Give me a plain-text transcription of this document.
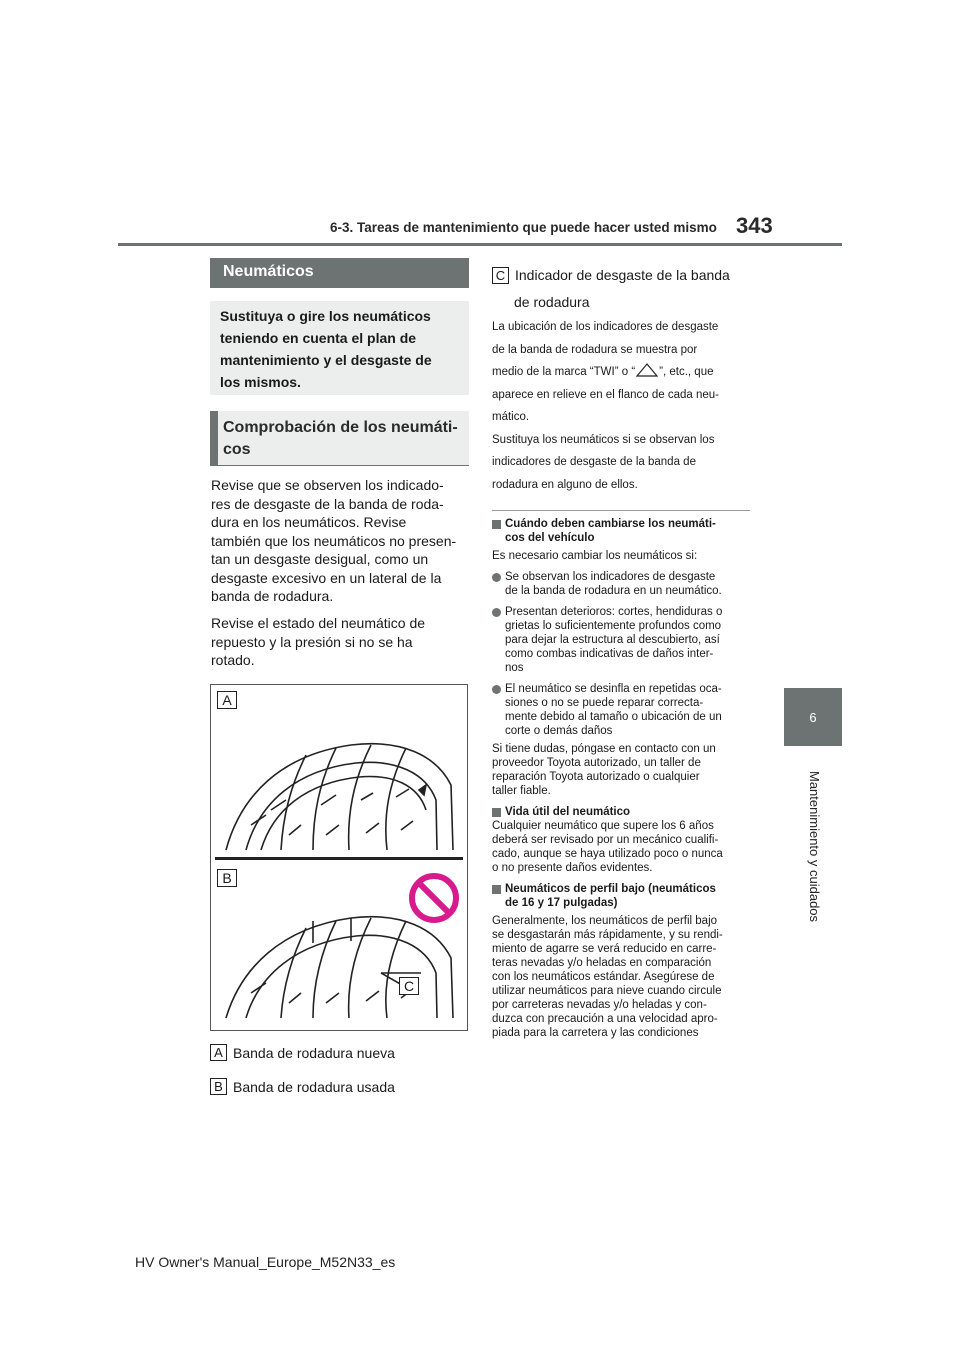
6-3. Tareas de mantenimiento que puede hacer usted mismo 343
6
Mantenimiento y cuidados
Neumáticos
Sustituya o gire los neumáticos
teniendo en cuenta el plan de
mantenimiento y el desgaste de
los mismos.
Comprobación de los neumáti-
cos
Revise que se observen los indicado-
res de desgaste de la banda de roda-
dura en los neumáticos. Revise
también que los neumáticos no presen-
tan un desgaste desigual, como un
desgaste excesivo en un lateral de la
banda de rodadura.
Revise el estado del neumático de
repuesto y la presión si no se ha
rotado.
A
B
C
A Banda de rodadura nueva
B Banda de rodadura usada
C Indicador de desgaste de la banda
de rodadura
La ubicación de los indicadores de desgaste
de la banda de rodadura se muestra por
medio de la marca “TWI” o “ ”, etc., que
aparece en relieve en el flanco de cada neu-
mático.
Sustituya los neumáticos si se observan los
indicadores de desgaste de la banda de
rodadura en alguno de ellos.
Cuándo deben cambiarse los neumáti-
cos del vehículo
Es necesario cambiar los neumáticos si:
Se observan los indicadores de desgaste
de la banda de rodadura en un neumático.
Presentan deterioros: cortes, hendiduras o
grietas lo suficientemente profundos como
para dejar la estructura al descubierto, así
como combas indicativas de daños inter-
nos
El neumático se desinfla en repetidas oca-
siones o no se puede reparar correcta-
mente debido al tamaño o ubicación de un
corte o demás daños
Si tiene dudas, póngase en contacto con un
proveedor Toyota autorizado, un taller de
reparación Toyota autorizado o cualquier
taller fiable.
Vida útil del neumático
Cualquier neumático que supere los 6 años
deberá ser revisado por un mecánico cualifi-
cado, aunque se haya utilizado poco o nunca
o no presente daños evidentes.
Neumáticos de perfil bajo (neumáticos
de 16 y 17 pulgadas)
Generalmente, los neumáticos de perfil bajo
se desgastarán más rápidamente, y su rendi-
miento de agarre se verá reducido en carre-
teras nevadas y/o heladas en comparación
con los neumáticos estándar. Asegúrese de
utilizar neumáticos para nieve cuando circule
por carreteras nevadas y/o heladas y con-
duzca con precaución a una velocidad apro-
piada para la carretera y las condiciones
HV Owner's Manual_Europe_M52N33_es
